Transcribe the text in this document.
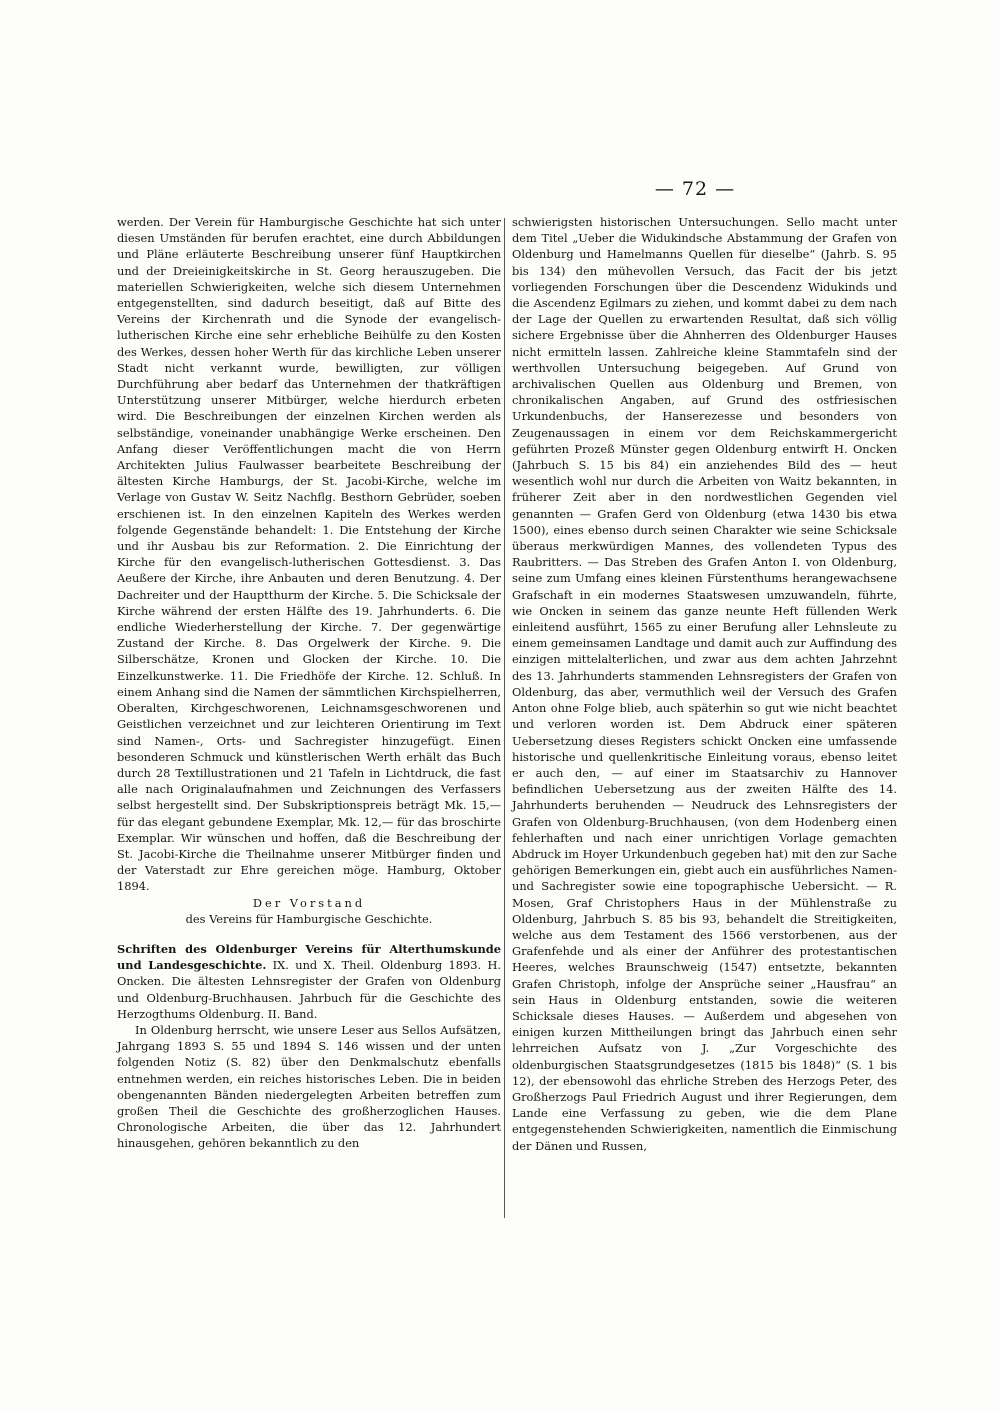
— 72 —

werden. Der Verein für Hamburgische Geschichte hat sich unter diesen Umständen für berufen erachtet, eine durch Abbildungen und Pläne erläuterte Beschreibung unserer fünf Hauptkirchen und der Dreieinigkeitskirche in St. Georg herauszugeben. Die materiellen Schwierigkeiten, welche sich diesem Unternehmen entgegenstellten, sind dadurch beseitigt, daß auf Bitte des Vereins der Kirchenrath und die Synode der evangelisch-lutherischen Kirche eine sehr erhebliche Beihülfe zu den Kosten des Werkes, dessen hoher Werth für das kirchliche Leben unserer Stadt nicht verkannt wurde, bewilligten, zur völligen Durchführung aber bedarf das Unternehmen der thatkräftigen Unterstützung unserer Mitbürger, welche hierdurch erbeten wird. Die Beschreibungen der einzelnen Kirchen werden als selbständige, voneinander unabhängige Werke erscheinen. Den Anfang dieser Veröffentlichungen macht die von Herrn Architekten Julius Faulwasser bearbeitete Beschreibung der ältesten Kirche Hamburgs, der St. Jacobi-Kirche, welche im Verlage von Gustav W. Seitz Nachflg. Besthorn Gebrüder, soeben erschienen ist. In den einzelnen Kapiteln des Werkes werden folgende Gegenstände behandelt: 1. Die Entstehung der Kirche und ihr Ausbau bis zur Reformation. 2. Die Einrichtung der Kirche für den evangelisch-lutherischen Gottesdienst. 3. Das Aeußere der Kirche, ihre Anbauten und deren Benutzung. 4. Der Dachreiter und der Hauptthurm der Kirche. 5. Die Schicksale der Kirche während der ersten Hälfte des 19. Jahrhunderts. 6. Die endliche Wiederherstellung der Kirche. 7. Der gegenwärtige Zustand der Kirche. 8. Das Orgelwerk der Kirche. 9. Die Silberschätze, Kronen und Glocken der Kirche. 10. Die Einzelkunstwerke. 11. Die Friedhöfe der Kirche. 12. Schluß. In einem Anhang sind die Namen der sämmtlichen Kirchspielherren, Oberalten, Kirchgeschworenen, Leichnamsgeschworenen und Geistlichen verzeichnet und zur leichteren Orientirung im Text sind Namen-, Orts- und Sachregister hinzugefügt. Einen besonderen Schmuck und künstlerischen Werth erhält das Buch durch 28 Textillustrationen und 21 Tafeln in Lichtdruck, die fast alle nach Originalaufnahmen und Zeichnungen des Verfassers selbst hergestellt sind. Der Subskriptionspreis beträgt Mk. 15,— für das elegant gebundene Exemplar, Mk. 12,— für das broschirte Exemplar. Wir wünschen und hoffen, daß die Beschreibung der St. Jacobi-Kirche die Theilnahme unserer Mitbürger finden und der Vaterstadt zur Ehre gereichen möge. Hamburg, Oktober 1894.

Der Vorstand

des Vereins für Hamburgische Geschichte.

Schriften des Oldenburger Vereins für Alterthumskunde und Landesgeschichte. IX. und X. Theil. Oldenburg 1893. H. Oncken. Die ältesten Lehnsregister der Grafen von Oldenburg und Oldenburg-Bruchhausen. Jahrbuch für die Geschichte des Herzogthums Oldenburg. II. Band.

In Oldenburg herrscht, wie unsere Leser aus Sellos Aufsätzen, Jahrgang 1893 S. 55 und 1894 S. 146 wissen und der unten folgenden Notiz (S. 82) über den Denkmalschutz ebenfalls entnehmen werden, ein reiches historisches Leben. Die in beiden obengenannten Bänden niedergelegten Arbeiten betreffen zum großen Theil die Geschichte des großherzoglichen Hauses. Chronologische Arbeiten, die über das 12. Jahrhundert hinausgehen, gehören bekanntlich zu den

schwierigsten historischen Untersuchungen. Sello macht unter dem Titel „Ueber die Widukindsche Abstammung der Grafen von Oldenburg und Hamelmanns Quellen für dieselbe“ (Jahrb. S. 95 bis 134) den mühevollen Versuch, das Facit der bis jetzt vorliegenden Forschungen über die Descendenz Widukinds und die Ascendenz Egilmars zu ziehen, und kommt dabei zu dem nach der Lage der Quellen zu erwartenden Resultat, daß sich völlig sichere Ergebnisse über die Ahnherren des Oldenburger Hauses nicht ermitteln lassen. Zahlreiche kleine Stammtafeln sind der werthvollen Untersuchung beigegeben. Auf Grund von archivalischen Quellen aus Oldenburg und Bremen, von chronikalischen Angaben, auf Grund des ostfriesischen Urkundenbuchs, der Hanserezesse und besonders von Zeugenaussagen in einem vor dem Reichskammergericht geführten Prozeß Münster gegen Oldenburg entwirft H. Oncken (Jahrbuch S. 15 bis 84) ein anziehendes Bild des — heut wesentlich wohl nur durch die Arbeiten von Waitz bekannten, in früherer Zeit aber in den nordwestlichen Gegenden viel genannten — Grafen Gerd von Oldenburg (etwa 1430 bis etwa 1500), eines ebenso durch seinen Charakter wie seine Schicksale überaus merkwürdigen Mannes, des vollendeten Typus des Raubritters. — Das Streben des Grafen Anton I. von Oldenburg, seine zum Umfang eines kleinen Fürstenthums herangewachsene Grafschaft in ein modernes Staatswesen umzuwandeln, führte, wie Oncken in seinem das ganze neunte Heft füllenden Werk einleitend ausführt, 1565 zu einer Berufung aller Lehnsleute zu einem gemeinsamen Landtage und damit auch zur Auffindung des einzigen mittelalterlichen, und zwar aus dem achten Jahrzehnt des 13. Jahrhunderts stammenden Lehnsregisters der Grafen von Oldenburg, das aber, vermuthlich weil der Versuch des Grafen Anton ohne Folge blieb, auch späterhin so gut wie nicht beachtet und verloren worden ist. Dem Abdruck einer späteren Uebersetzung dieses Registers schickt Oncken eine umfassende historische und quellenkritische Einleitung voraus, ebenso leitet er auch den, — auf einer im Staatsarchiv zu Hannover befindlichen Uebersetzung aus der zweiten Hälfte des 14. Jahrhunderts beruhenden — Neudruck des Lehnsregisters der Grafen von Oldenburg-Bruchhausen, (von dem Hodenberg einen fehlerhaften und nach einer unrichtigen Vorlage gemachten Abdruck im Hoyer Urkundenbuch gegeben hat) mit den zur Sache gehörigen Bemerkungen ein, giebt auch ein ausführliches Namen- und Sachregister sowie eine topographische Uebersicht. — R. Mosen, Graf Christophers Haus in der Mühlenstraße zu Oldenburg, Jahrbuch S. 85 bis 93, behandelt die Streitigkeiten, welche aus dem Testament des 1566 verstorbenen, aus der Grafenfehde und als einer der Anführer des protestantischen Heeres, welches Braunschweig (1547) entsetzte, bekannten Grafen Christoph, infolge der Ansprüche seiner „Hausfrau“ an sein Haus in Oldenburg entstanden, sowie die weiteren Schicksale dieses Hauses. — Außerdem und abgesehen von einigen kurzen Mittheilungen bringt das Jahrbuch einen sehr lehrreichen Aufsatz von J. „Zur Vorgeschichte des oldenburgischen Staatsgrundgesetzes (1815 bis 1848)“ (S. 1 bis 12), der ebensowohl das ehrliche Streben des Herzogs Peter, des Großherzogs Paul Friedrich August und ihrer Regierungen, dem Lande eine Verfassung zu geben, wie die dem Plane entgegenstehenden Schwierigkeiten, namentlich die Einmischung der Dänen und Russen,
